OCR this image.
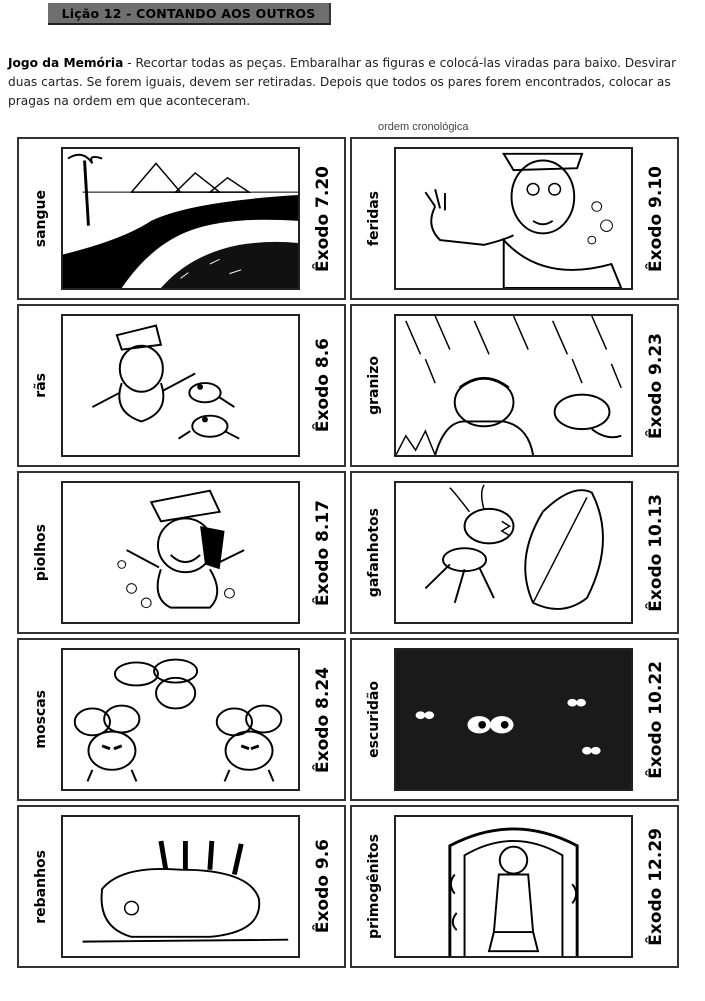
Lição 12 - CONTANDO AOS OUTROS
Jogo da Memória - Recortar todas as peças. Embaralhar as figuras e colocá-las viradas para baixo. Desvirar duas cartas. Se forem iguais, devem ser retiradas. Depois que todos os pares forem encontrados, colocar as pragas na ordem em que aconteceram.
ordem cronológica
sangue	Êxodo 7.20 feridas	Êxodo 9.10
rãs	Êxodo 8.6 granizo	Êxodo 9.23
piolhos	Êxodo 8.17 gafanhotos	Êxodo 10.13
moscas	Êxodo 8.24 escuridão	Êxodo 10.22
rebanhos	Êxodo 9.6 primogênitos	Êxodo 12.29
